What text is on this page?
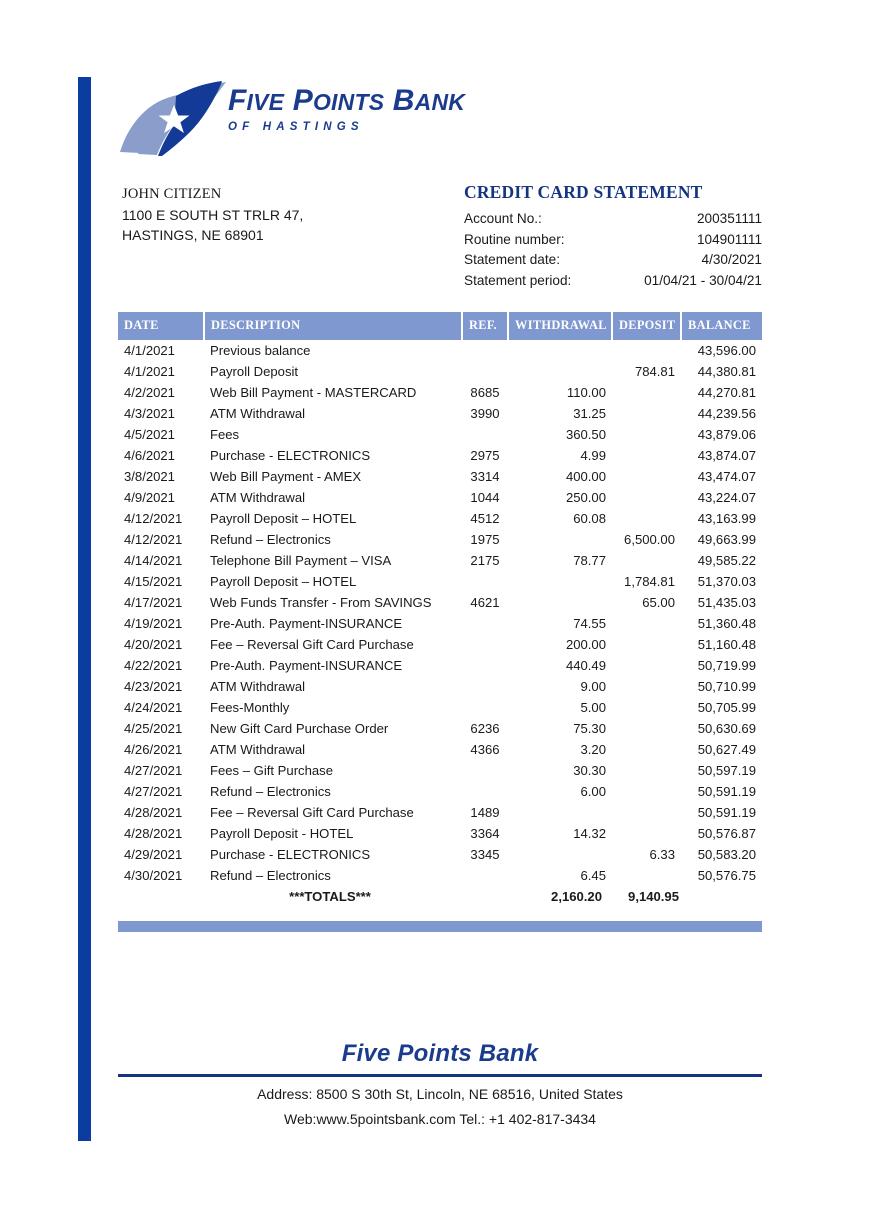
FIVE POINTS BANK
OF HASTINGS
JOHN CITIZEN
1100 E SOUTH ST TRLR 47,
HASTINGS, NE 68901
CREDIT CARD STATEMENT
Account No.:	200351111
Routine number:	104901111
Statement date:	4/30/2021
Statement period:	01/04/21 - 30/04/21
DATE	DESCRIPTION	REF.	WITHDRAWAL	DEPOSIT	BALANCE
4/1/2021	Previous balance				43,596.00
4/1/2021	Payroll Deposit			784.81	44,380.81
4/2/2021	Web Bill Payment - MASTERCARD	8685	110.00		44,270.81
4/3/2021	ATM Withdrawal	3990	31.25		44,239.56
4/5/2021	Fees		360.50		43,879.06
4/6/2021	Purchase - ELECTRONICS	2975	4.99		43,874.07
3/8/2021	Web Bill Payment - AMEX	3314	400.00		43,474.07
4/9/2021	ATM Withdrawal	1044	250.00		43,224.07
4/12/2021	Payroll Deposit – HOTEL	4512	60.08		43,163.99
4/12/2021	Refund – Electronics	1975		6,500.00	49,663.99
4/14/2021	Telephone Bill Payment – VISA	2175	78.77		49,585.22
4/15/2021	Payroll Deposit – HOTEL			1,784.81	51,370.03
4/17/2021	Web Funds Transfer - From SAVINGS	4621		65.00	51,435.03
4/19/2021	Pre-Auth. Payment-INSURANCE		74.55		51,360.48
4/20/2021	Fee – Reversal Gift Card Purchase		200.00		51,160.48
4/22/2021	Pre-Auth. Payment-INSURANCE		440.49		50,719.99
4/23/2021	ATM Withdrawal		9.00		50,710.99
4/24/2021	Fees-Monthly		5.00		50,705.99
4/25/2021	New Gift Card Purchase Order	6236	75.30		50,630.69
4/26/2021	ATM Withdrawal	4366	3.20		50,627.49
4/27/2021	Fees – Gift Purchase		30.30		50,597.19
4/27/2021	Refund – Electronics		6.00		50,591.19
4/28/2021	Fee – Reversal Gift Card Purchase	1489			50,591.19
4/28/2021	Payroll Deposit - HOTEL	3364	14.32		50,576.87
4/29/2021	Purchase - ELECTRONICS	3345		6.33	50,583.20
4/30/2021	Refund – Electronics		6.45		50,576.75
	***TOTALS***		2,160.20	9,140.95	
Five Points Bank
Address: 8500 S 30th St, Lincoln, NE 68516, United States
Web:www.5pointsbank.com Tel.: +1 402-817-3434
